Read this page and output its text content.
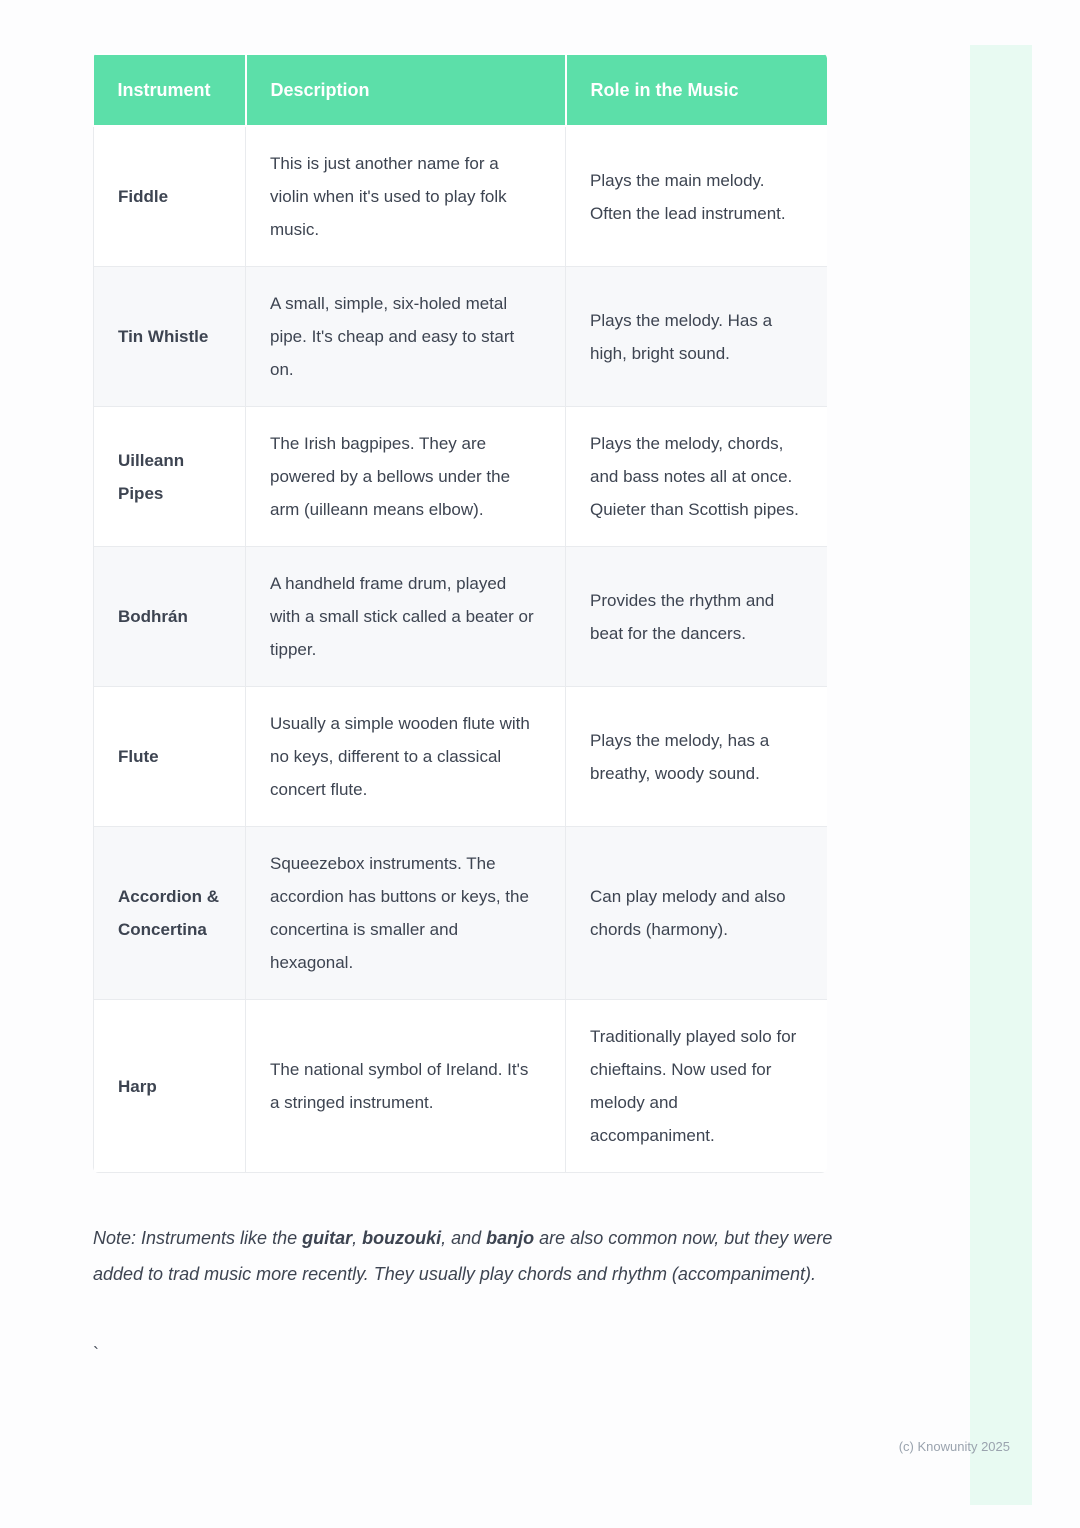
Instrument	Description	Role in the Music
Fiddle	This is just another name for a violin when it's used to play folk music.	Plays the main melody. Often the lead instrument.
Tin Whistle	A small, simple, six-holed metal pipe. It's cheap and easy to start on.	Plays the melody. Has a high, bright sound.
Uilleann Pipes	The Irish bagpipes. They are powered by a bellows under the arm (uilleann means elbow).	Plays the melody, chords, and bass notes all at once. Quieter than Scottish pipes.
Bodhrán	A handheld frame drum, played with a small stick called a beater or tipper.	Provides the rhythm and beat for the dancers.
Flute	Usually a simple wooden flute with no keys, different to a classical concert flute.	Plays the melody, has a breathy, woody sound.
Accordion & Concertina	Squeezebox instruments. The accordion has buttons or keys, the concertina is smaller and hexagonal.	Can play melody and also chords (harmony).
Harp	The national symbol of Ireland. It's a stringed instrument.	Traditionally played solo for chieftains. Now used for melody and accompaniment.

Note: Instruments like the guitar, bouzouki, and banjo are also common now, but they were added to trad music more recently. They usually play chords and rhythm (accompaniment).

`
(c) Knowunity 2025
